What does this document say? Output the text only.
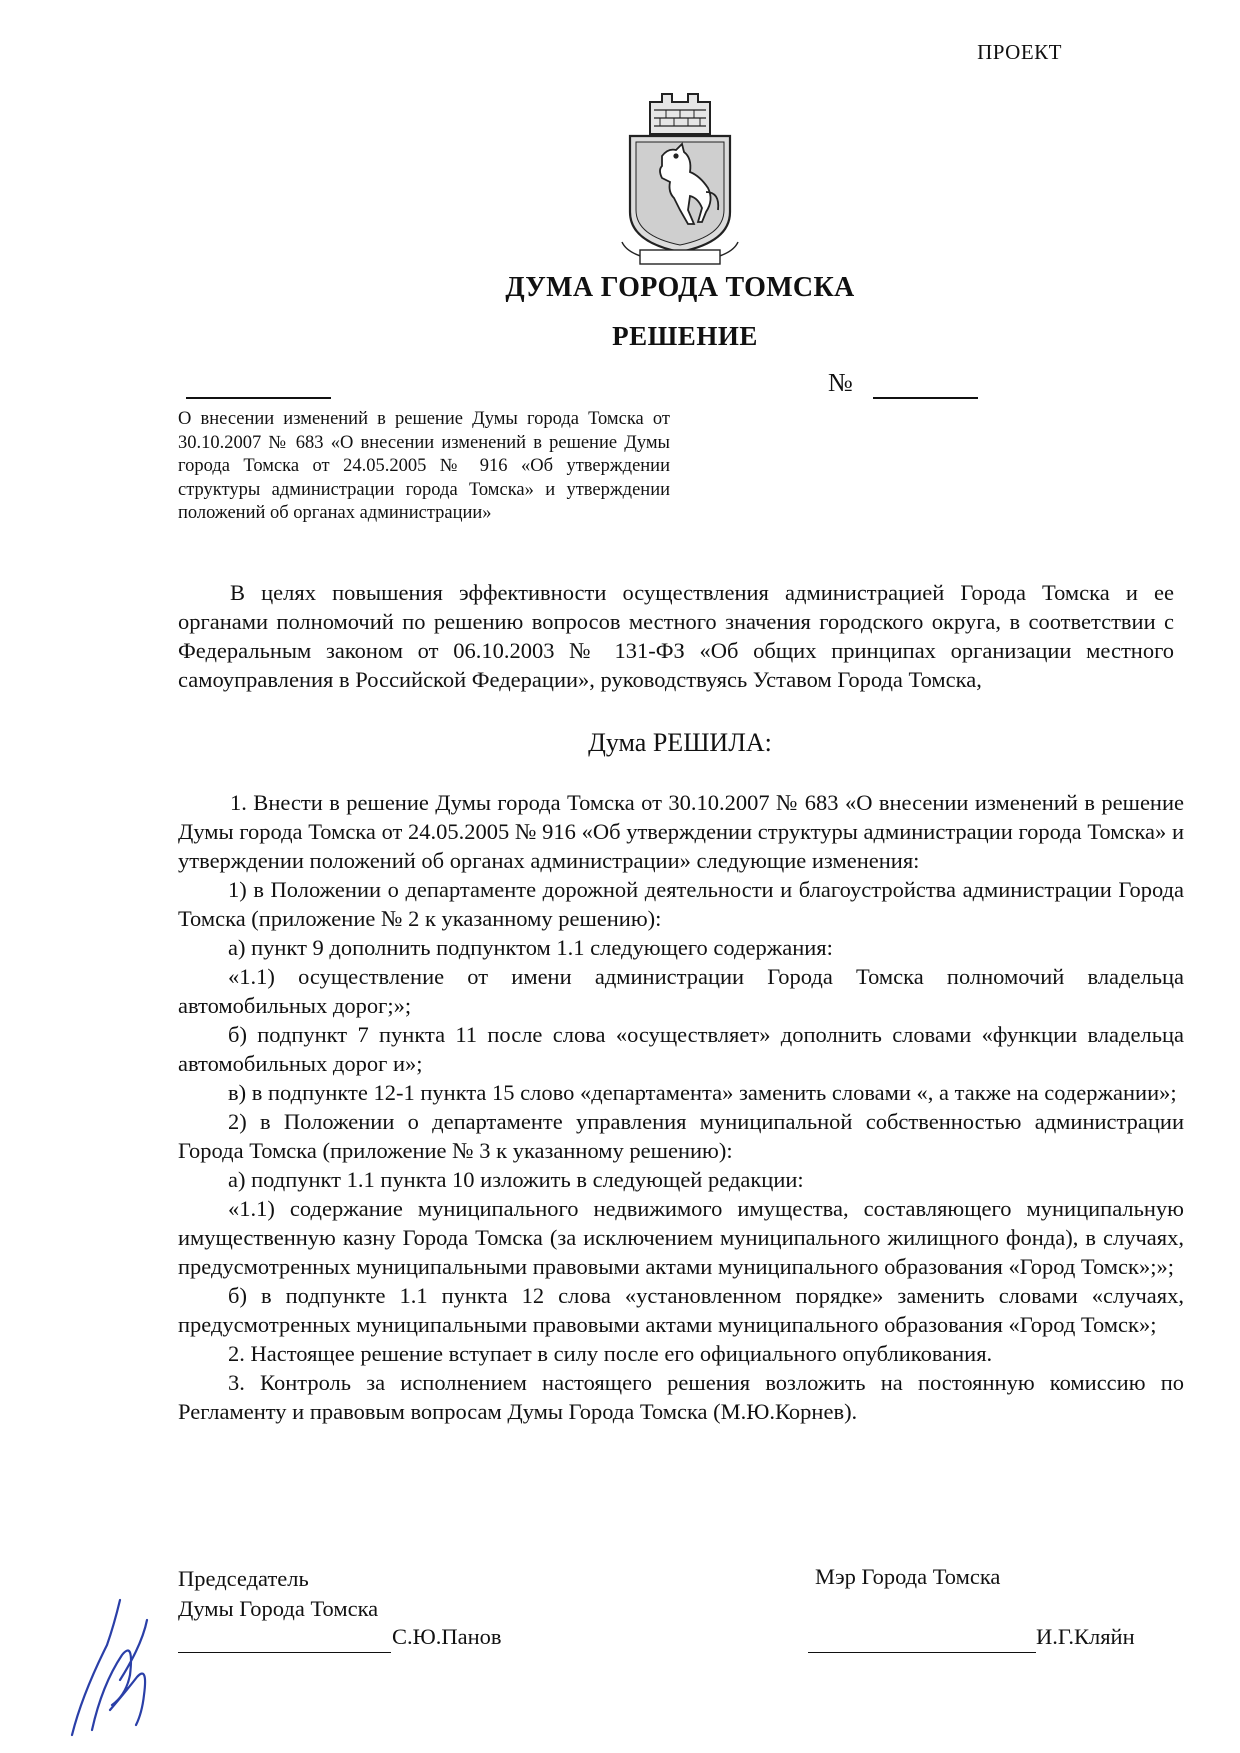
ПРОЕКТ
ДУМА ГОРОДА ТОМСКА
РЕШЕНИЕ
№
О внесении изменений в решение Думы города Томска от 30.10.2007 № 683 «О внесении изменений в решение Думы города Томска от 24.05.2005 № 916 «Об утверждении структуры администрации города Томска» и утверждении положений об органах администрации»

В целях повышения эффективности осуществления администрацией Города Томска и ее органами полномочий по решению вопросов местного значения городского округа, в соответствии с Федеральным законом от 06.10.2003 № 131-ФЗ «Об общих принципах организации местного самоуправления в Российской Федерации», руководствуясь Уставом Города Томска,

Дума РЕШИЛА:

1. Внести в решение Думы города Томска от 30.10.2007 № 683 «О внесении изменений в решение Думы города Томска от 24.05.2005 № 916 «Об утверждении структуры администрации города Томска» и утверждении положений об органах администрации» следующие изменения:

1) в Положении о департаменте дорожной деятельности и благоустройства администрации Города Томска (приложение № 2 к указанному решению):

а) пункт 9 дополнить подпунктом 1.1 следующего содержания:

«1.1) осуществление от имени администрации Города Томска полномочий владельца автомобильных дорог;»;

б) подпункт 7 пункта 11 после слова «осуществляет» дополнить словами «функции владельца автомобильных дорог и»;

в) в подпункте 12-1 пункта 15 слово «департамента» заменить словами «, а также на содержании»;

2) в Положении о департаменте управления муниципальной собственностью администрации Города Томска (приложение № 3 к указанному решению):

а) подпункт 1.1 пункта 10 изложить в следующей редакции:

«1.1) содержание муниципального недвижимого имущества, составляющего муниципальную имущественную казну Города Томска (за исключением муниципального жилищного фонда), в случаях, предусмотренных муниципальными правовыми актами муниципального образования «Город Томск»;»;

б) в подпункте 1.1 пункта 12 слова «установленном порядке» заменить словами «случаях, предусмотренных муниципальными правовыми актами муниципального образования «Город Томск»;

2. Настоящее решение вступает в силу после его официального опубликования.

3. Контроль за исполнением настоящего решения возложить на постоянную комиссию по Регламенту и правовым вопросам Думы Города Томска (М.Ю.Корнев).

Председатель
Думы Города Томска
Мэр Города Томска
С.Ю.Панов	И.Г.Кляйн
